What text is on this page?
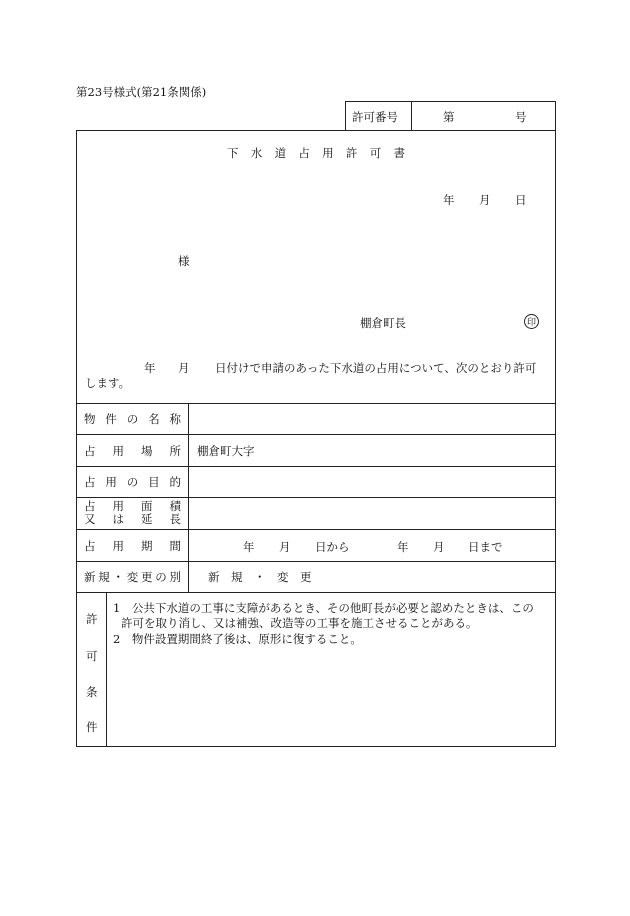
第23号様式(第21条関係)
許可番号	第	号
下 水 道 占 用 許 可 書
年 月 日
様
棚倉町長	印
年 月 日付けで申請のあった下水道の占用について、次のとおり許可
します。
物 件 の 名 称
占 用 場 所 棚倉町大字
占 用 の 目 的
占 用 面 積
又 は 延 長
占 用 期 間	年 月 日から	年 月 日まで
新 規 ・ 変 更 の 別 新　規　・　変　更
許
可
条
件
1　公共下水道の工事に支障があるとき、その他町長が必要と認めたときは、この
許可を取り消し、又は補強、改造等の工事を施工させることがある。
2　物件設置期間終了後は、原形に復すること。
